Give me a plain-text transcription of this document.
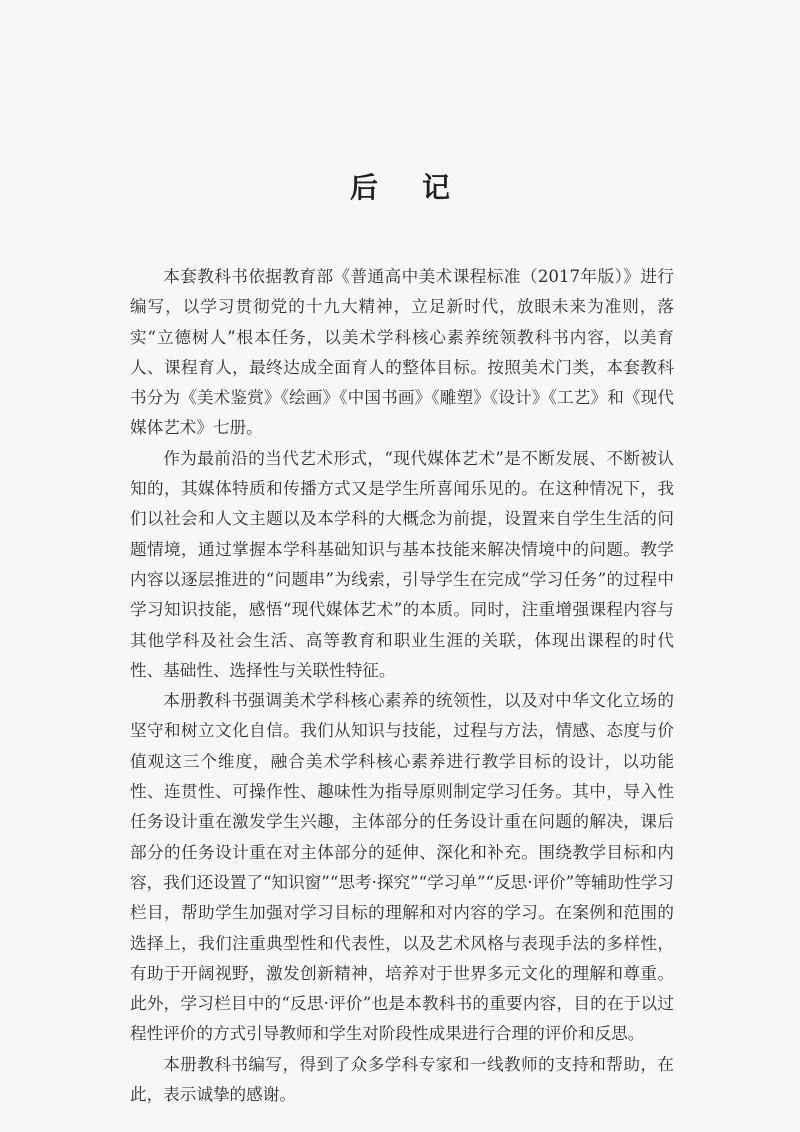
后 记

本套教科书依据教育部《普通高中美术课程标准（2017年版）》进行编写，以学习贯彻党的十九大精神，立足新时代，放眼未来为准则，落实“立德树人”根本任务，以美术学科核心素养统领教科书内容，以美育人、课程育人，最终达成全面育人的整体目标。按照美术门类，本套教科书分为《美术鉴赏》《绘画》《中国书画》《雕塑》《设计》《工艺》和《现代媒体艺术》七册。

作为最前沿的当代艺术形式，“现代媒体艺术”是不断发展、不断被认知的，其媒体特质和传播方式又是学生所喜闻乐见的。在这种情况下，我们以社会和人文主题以及本学科的大概念为前提，设置来自学生生活的问题情境，通过掌握本学科基础知识与基本技能来解决情境中的问题。教学内容以逐层推进的“问题串”为线索，引导学生在完成“学习任务”的过程中学习知识技能，感悟“现代媒体艺术”的本质。同时，注重增强课程内容与其他学科及社会生活、高等教育和职业生涯的关联，体现出课程的时代性、基础性、选择性与关联性特征。

本册教科书强调美术学科核心素养的统领性，以及对中华文化立场的坚守和树立文化自信。我们从知识与技能，过程与方法，情感、态度与价值观这三个维度，融合美术学科核心素养进行教学目标的设计，以功能性、连贯性、可操作性、趣味性为指导原则制定学习任务。其中，导入性任务设计重在激发学生兴趣，主体部分的任务设计重在问题的解决，课后部分的任务设计重在对主体部分的延伸、深化和补充。围绕教学目标和内容，我们还设置了“知识窗”“思考·探究”“学习单”“反思·评价”等辅助性学习栏目，帮助学生加强对学习目标的理解和对内容的学习。在案例和范围的选择上，我们注重典型性和代表性，以及艺术风格与表现手法的多样性，有助于开阔视野，激发创新精神，培养对于世界多元文化的理解和尊重。此外，学习栏目中的“反思·评价”也是本教科书的重要内容，目的在于以过程性评价的方式引导教师和学生对阶段性成果进行合理的评价和反思。

本册教科书编写，得到了众多学科专家和一线教师的支持和帮助，在此，表示诚挚的感谢。
